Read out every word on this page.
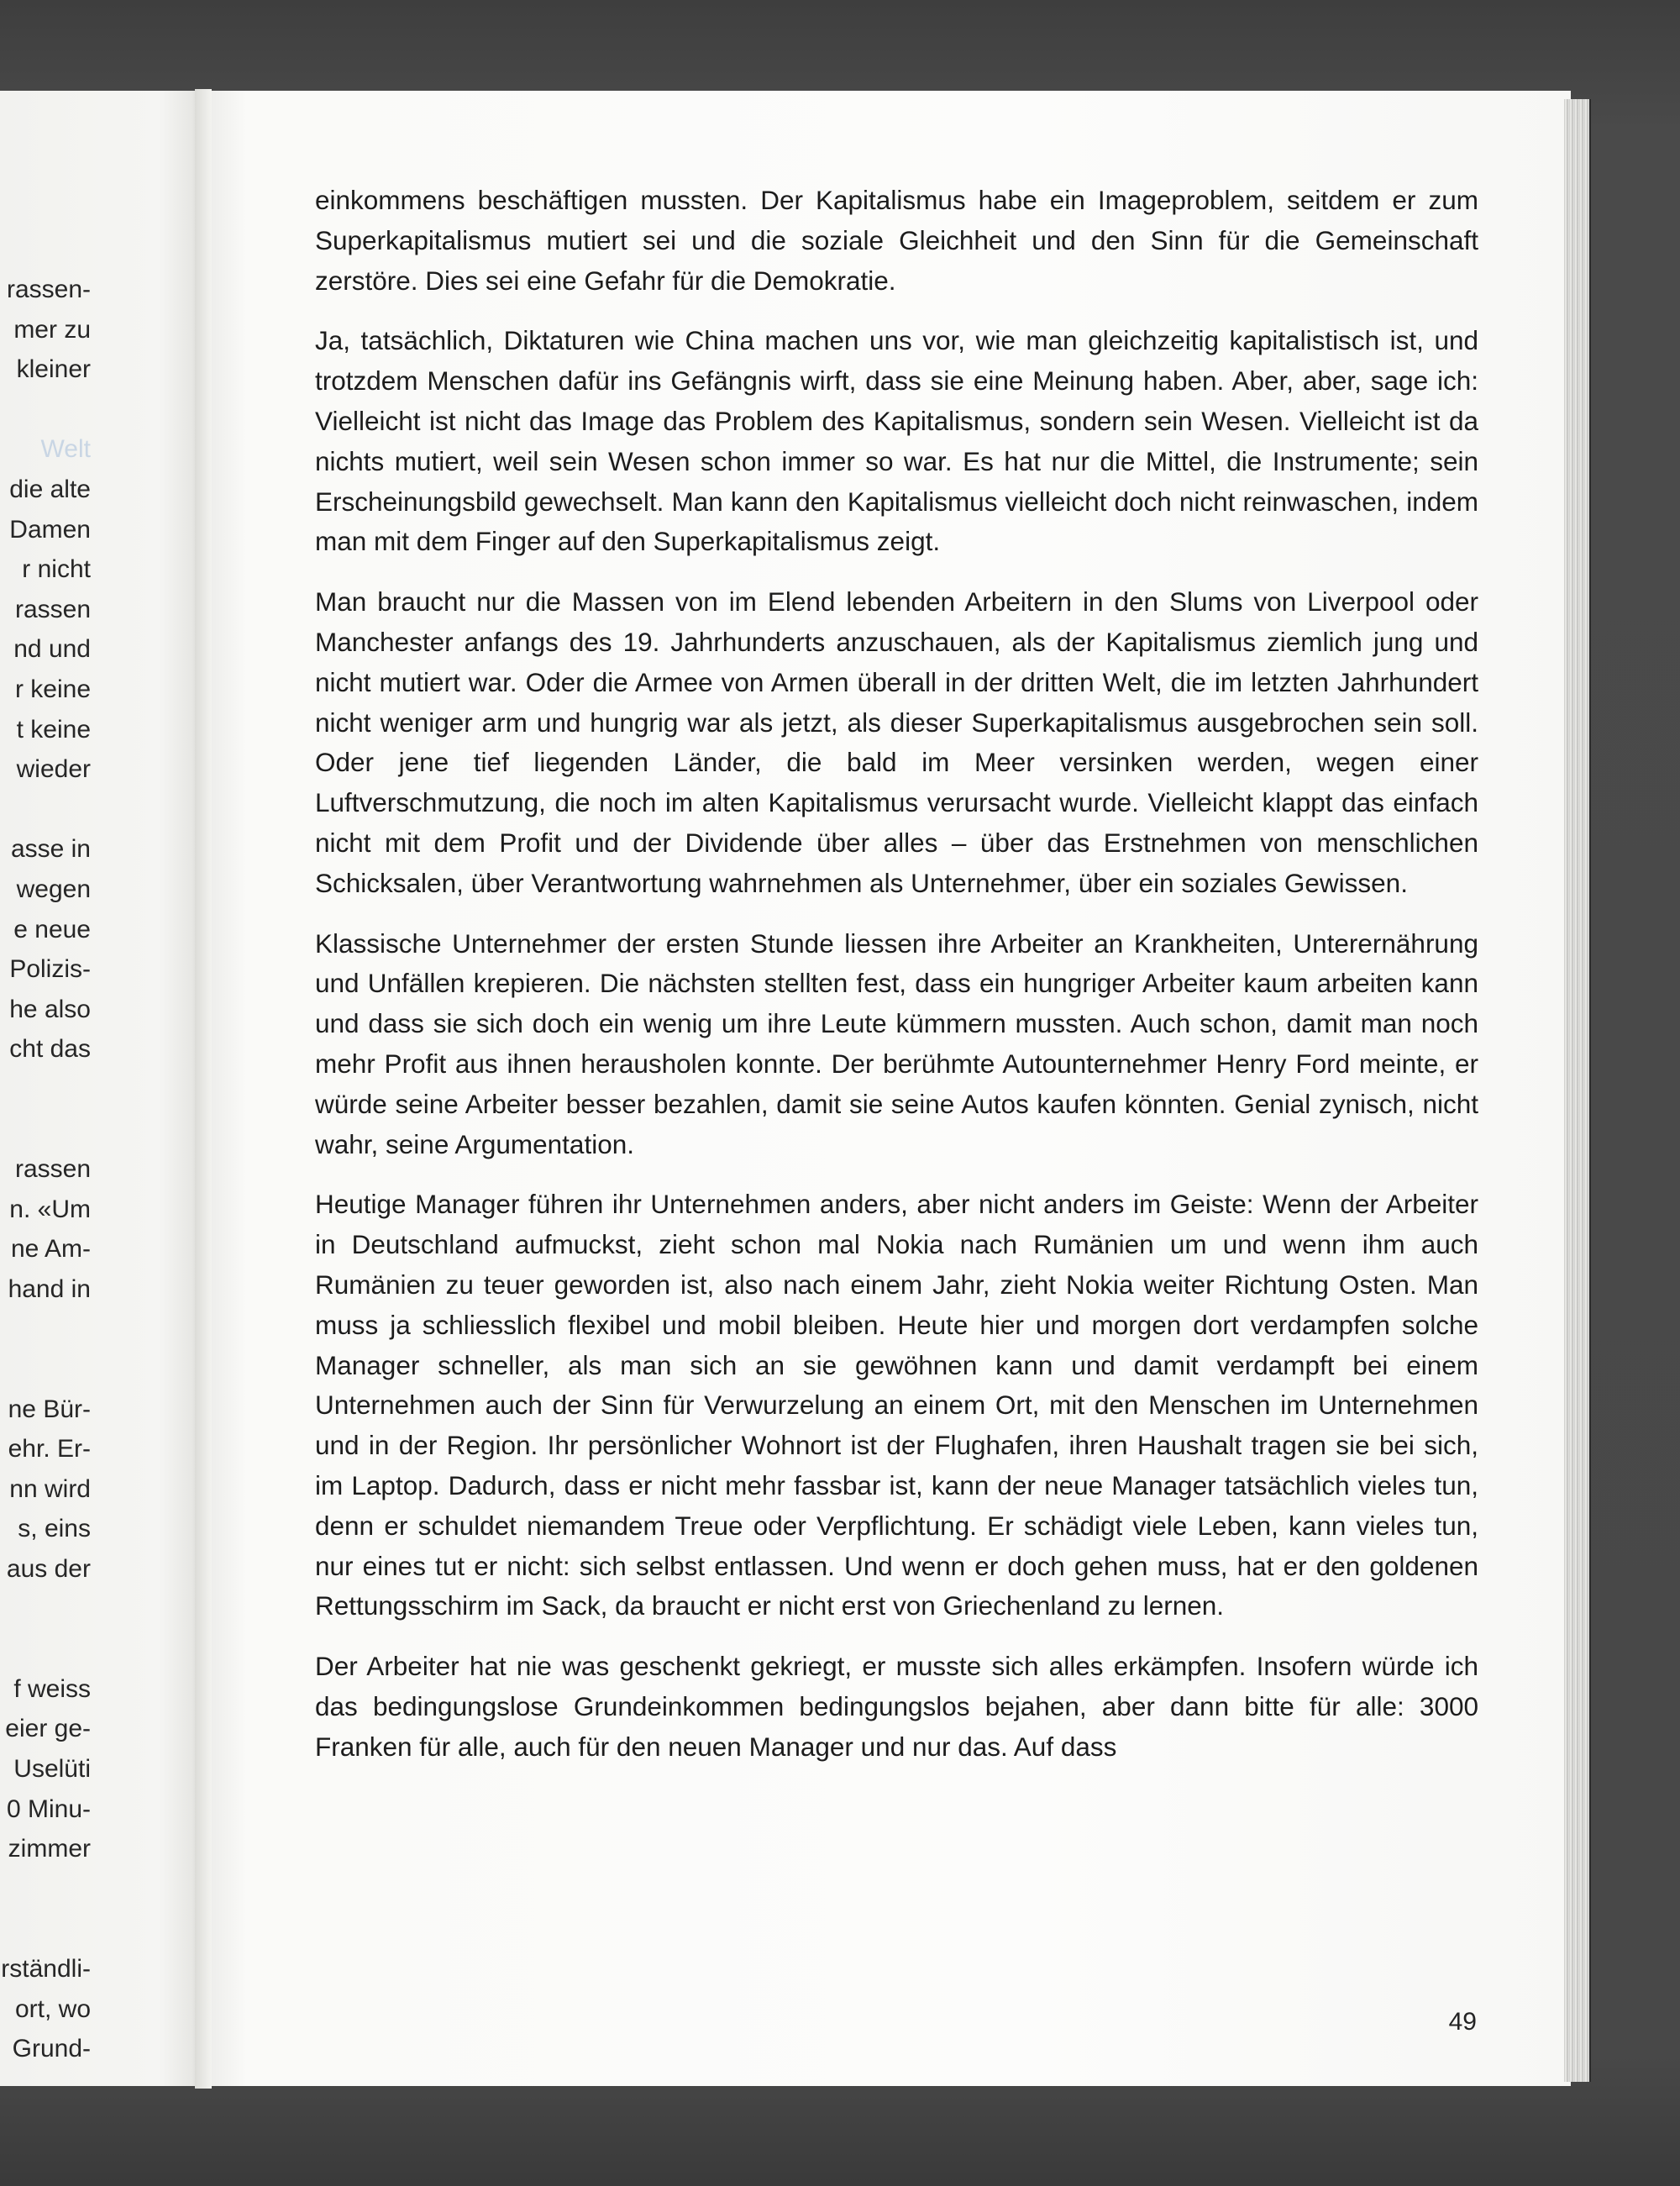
rassen-
mer zu
kleiner
Welt
die alte
Damen
r nicht
rassen
nd und
r keine
t keine
wieder
asse in
wegen
e neue
Polizis-
he also
cht das
rassen
n. «Um
ne Am-
hand in
ne Bür-
ehr. Er-
nn wird
s, eins
aus der
f weiss
eier ge-
Uselüti
0 Minu-
zimmer
rständli-
ort, wo
Grund-

einkommens beschäftigen mussten. Der Kapitalismus habe ein Imageproblem, seitdem er zum Superkapitalismus mutiert sei und die soziale Gleichheit und den Sinn für die Gemeinschaft zerstöre. Dies sei eine Gefahr für die Demokratie.

Ja, tatsächlich, Diktaturen wie China machen uns vor, wie man gleichzeitig kapitalistisch ist, und trotzdem Menschen dafür ins Gefängnis wirft, dass sie eine Meinung haben. Aber, aber, sage ich: Vielleicht ist nicht das Image das Problem des Kapitalismus, sondern sein Wesen. Vielleicht ist da nichts mutiert, weil sein Wesen schon immer so war. Es hat nur die Mittel, die Instrumente; sein Erscheinungsbild gewechselt. Man kann den Kapitalismus vielleicht doch nicht reinwaschen, indem man mit dem Finger auf den Superkapitalismus zeigt.

Man braucht nur die Massen von im Elend lebenden Arbeitern in den Slums von Liverpool oder Manchester anfangs des 19. Jahrhunderts anzuschauen, als der Kapitalismus ziemlich jung und nicht mutiert war. Oder die Armee von Armen überall in der dritten Welt, die im letzten Jahrhundert nicht weniger arm und hungrig war als jetzt, als dieser Superkapitalismus ausgebrochen sein soll. Oder jene tief liegenden Länder, die bald im Meer versinken werden, wegen einer Luftverschmutzung, die noch im alten Kapitalismus verursacht wurde. Vielleicht klappt das einfach nicht mit dem Profit und der Dividende über alles – über das Erstnehmen von menschlichen Schicksalen, über Verantwortung wahrnehmen als Unternehmer, über ein soziales Gewissen.

Klassische Unternehmer der ersten Stunde liessen ihre Arbeiter an Krankheiten, Unterernährung und Unfällen krepieren. Die nächsten stellten fest, dass ein hungriger Arbeiter kaum arbeiten kann und dass sie sich doch ein wenig um ihre Leute kümmern mussten. Auch schon, damit man noch mehr Profit aus ihnen herausholen konnte. Der berühmte Autounternehmer Henry Ford meinte, er würde seine Arbeiter besser bezahlen, damit sie seine Autos kaufen könnten. Genial zynisch, nicht wahr, seine Argumentation.

Heutige Manager führen ihr Unternehmen anders, aber nicht anders im Geiste: Wenn der Arbeiter in Deutschland aufmuckst, zieht schon mal Nokia nach Rumänien um und wenn ihm auch Rumänien zu teuer geworden ist, also nach einem Jahr, zieht Nokia weiter Richtung Osten. Man muss ja schliesslich flexibel und mobil bleiben. Heute hier und morgen dort verdampfen solche Manager schneller, als man sich an sie gewöhnen kann und damit verdampft bei einem Unternehmen auch der Sinn für Verwurzelung an einem Ort, mit den Menschen im Unternehmen und in der Region. Ihr persönlicher Wohnort ist der Flughafen, ihren Haushalt tragen sie bei sich, im Laptop. Dadurch, dass er nicht mehr fassbar ist, kann der neue Manager tatsächlich vieles tun, denn er schuldet niemandem Treue oder Verpflichtung. Er schädigt viele Leben, kann vieles tun, nur eines tut er nicht: sich selbst entlassen. Und wenn er doch gehen muss, hat er den goldenen Rettungsschirm im Sack, da braucht er nicht erst von Griechenland zu lernen.

Der Arbeiter hat nie was geschenkt gekriegt, er musste sich alles erkämpfen. Insofern würde ich das bedingungslose Grundeinkommen bedingungslos bejahen, aber dann bitte für alle: 3000 Franken für alle, auch für den neuen Manager und nur das. Auf dass

49
